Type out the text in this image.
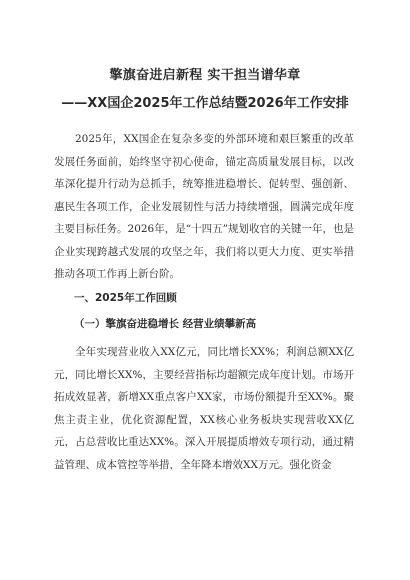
擎旗奋进启新程 实干担当谱华章
——XX国企2025年工作总结暨2026年工作安排

2025年，XX国企在复杂多变的外部环境和艰巨繁重的改革发展任务面前，始终坚守初心使命，锚定高质量发展目标，以改革深化提升行动为总抓手，统筹推进稳增长、促转型、强创新、惠民生各项工作，企业发展韧性与活力持续增强，圆满完成年度主要目标任务。2026年，是“十四五”规划收官的关键一年，也是企业实现跨越式发展的攻坚之年，我们将以更大力度、更实举措推动各项工作再上新台阶。

一、2025年工作回顾

（一）擎旗奋进稳增长 经营业绩攀新高

全年实现营业收入XX亿元，同比增长XX%；利润总额XX亿元，同比增长XX%，主要经营指标均超额完成年度计划。市场开拓成效显著，新增XX重点客户XX家，市场份额提升至XX%。聚焦主责主业，优化资源配置，XX核心业务板块实现营收XX亿元，占总营收比重达XX%。深入开展提质增效专项行动，通过精益管理、成本管控等举措，全年降本增效XX万元。强化资金
